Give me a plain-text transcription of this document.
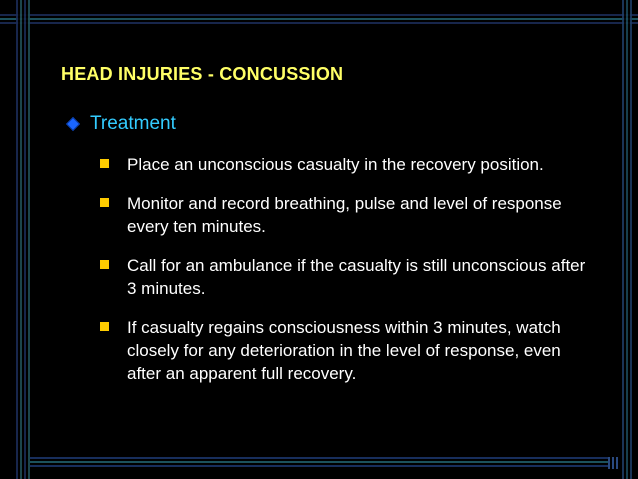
HEAD INJURIES - CONCUSSION
Treatment
Place an unconscious casualty in the recovery position.
Monitor and record breathing, pulse and level of response every ten minutes.
Call for an ambulance if the casualty is still unconscious after 3 minutes.
If casualty regains consciousness within 3 minutes, watch closely for any deterioration in the level of response, even after an apparent full recovery.
